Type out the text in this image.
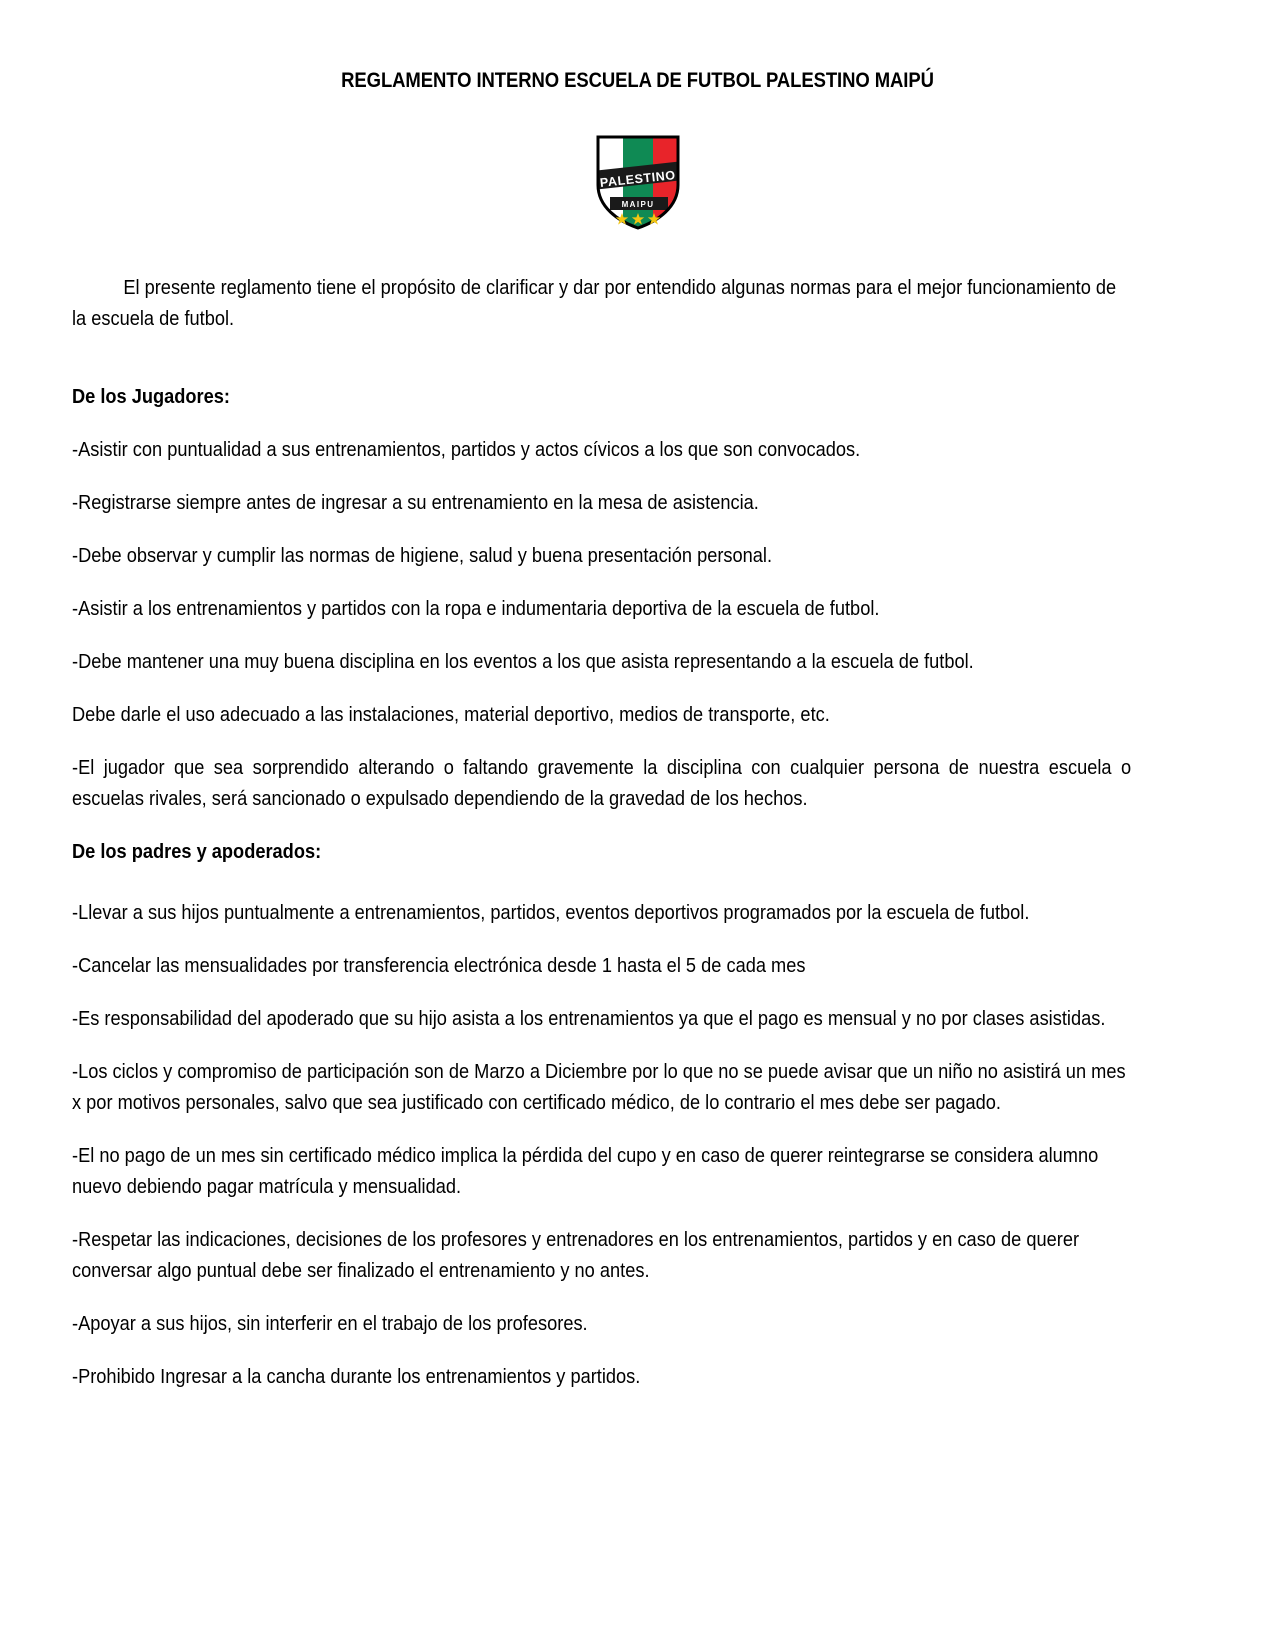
REGLAMENTO INTERNO ESCUELA DE FUTBOL PALESTINO MAIPÚ
PALESTINO
MAIPU

El presente reglamento tiene el propósito de clarificar y dar por entendido algunas normas para el mejor funcionamiento de la escuela de futbol.

De los Jugadores:

-Asistir con puntualidad a sus entrenamientos, partidos y actos cívicos a los que son convocados.

-Registrarse siempre antes de ingresar a su entrenamiento en la mesa de asistencia.

-Debe observar y cumplir las normas de higiene, salud y buena presentación personal.

-Asistir a los entrenamientos y partidos con la ropa e indumentaria deportiva de la escuela de futbol.

-Debe mantener una muy buena disciplina en los eventos a los que asista representando a la escuela de futbol.

Debe darle el uso adecuado a las instalaciones, material deportivo, medios de transporte, etc.

-El jugador que sea sorprendido alterando o faltando gravemente la disciplina con cualquier persona de nuestra escuela o escuelas rivales, será sancionado o expulsado dependiendo de la gravedad de los hechos.

De los padres y apoderados:

-Llevar a sus hijos puntualmente a entrenamientos, partidos, eventos deportivos programados por la escuela de futbol.

-Cancelar las mensualidades por transferencia electrónica desde 1 hasta el 5 de cada mes

-Es responsabilidad del apoderado que su hijo asista a los entrenamientos ya que el pago es mensual y no por clases asistidas.

-Los ciclos y compromiso de participación son de Marzo a Diciembre por lo que no se puede avisar que un niño no asistirá un mes x por motivos personales, salvo que sea justificado con certificado médico, de lo contrario el mes debe ser pagado.

-El no pago de un mes sin certificado médico implica la pérdida del cupo y en caso de querer reintegrarse se considera alumno nuevo debiendo pagar matrícula y mensualidad.

-Respetar las indicaciones, decisiones de los profesores y entrenadores en los entrenamientos, partidos y en caso de querer conversar algo puntual debe ser finalizado el entrenamiento y no antes.

-Apoyar a sus hijos, sin interferir en el trabajo de los profesores.

-Prohibido Ingresar a la cancha durante los entrenamientos y partidos.
